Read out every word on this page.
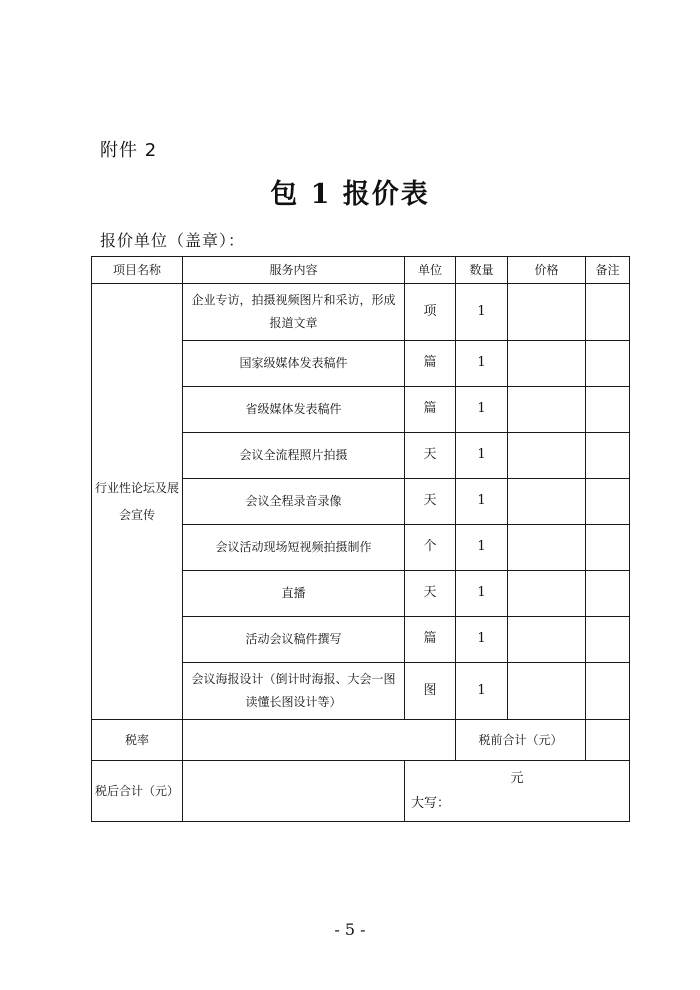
附件 2
包 1 报价表
报价单位（盖章）：
项目名称	服务内容	单位	数量	价格	备注
行业性论坛及展会宣传	企业专访，拍摄视频图片和采访，形成报道文章	项	1		
	国家级媒体发表稿件	篇	1		
	省级媒体发表稿件	篇	1		
	会议全流程照片拍摄	天	1		
	会议全程录音录像	天	1		
	会议活动现场短视频拍摄制作	个	1		
	直播	天	1		
	活动会议稿件撰写	篇	1		
	会议海报设计（倒计时海报、大会一图读懂长图设计等）	图	1		
税率			税前合计（元）		
税后合计（元）		元
大写：			
- 5 -
